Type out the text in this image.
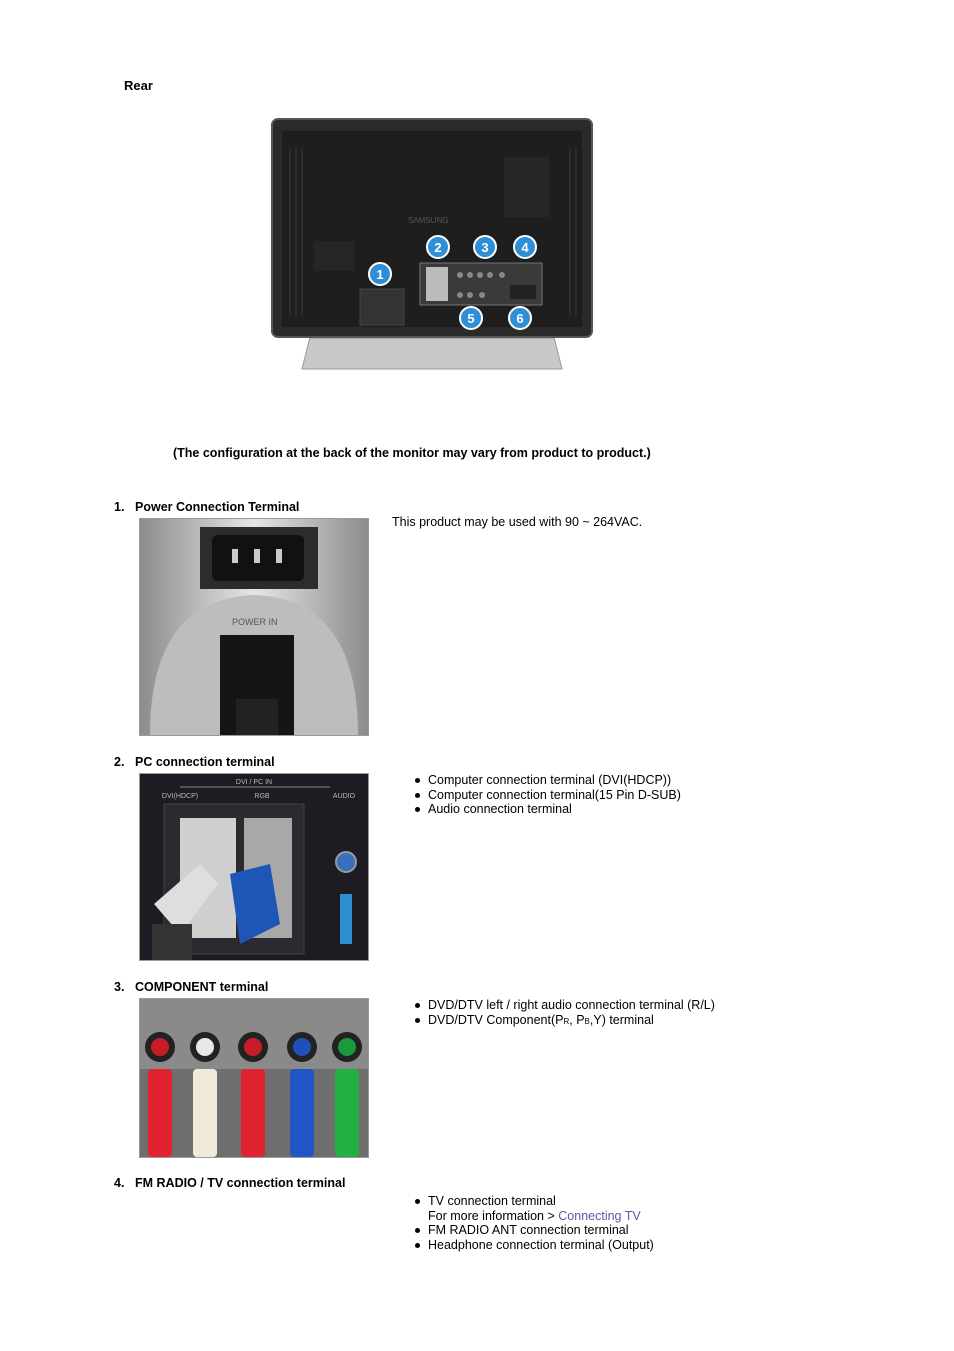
Rear
SAMSUNG
1
2	3	4
5	6
(The configuration at the back of the monitor may vary from product to product.)
1. Power Connection Terminal
POWER IN
This product may be used with 90 ~ 264VAC.
2. PC connection terminal
DVI / PC IN
DVI(HDCP)	RGB	AUDIO
Computer connection terminal (DVI(HDCP))
Computer connection terminal(15 Pin D-SUB)
Audio connection terminal
3. COMPONENT terminal
DVD/DTV left / right audio connection terminal (R/L)
DVD/DTV Component(PR, PB,Y) terminal
4. FM RADIO / TV connection terminal
TV connection terminal
For more information > Connecting TV
FM RADIO ANT connection terminal
Headphone connection terminal (Output)
